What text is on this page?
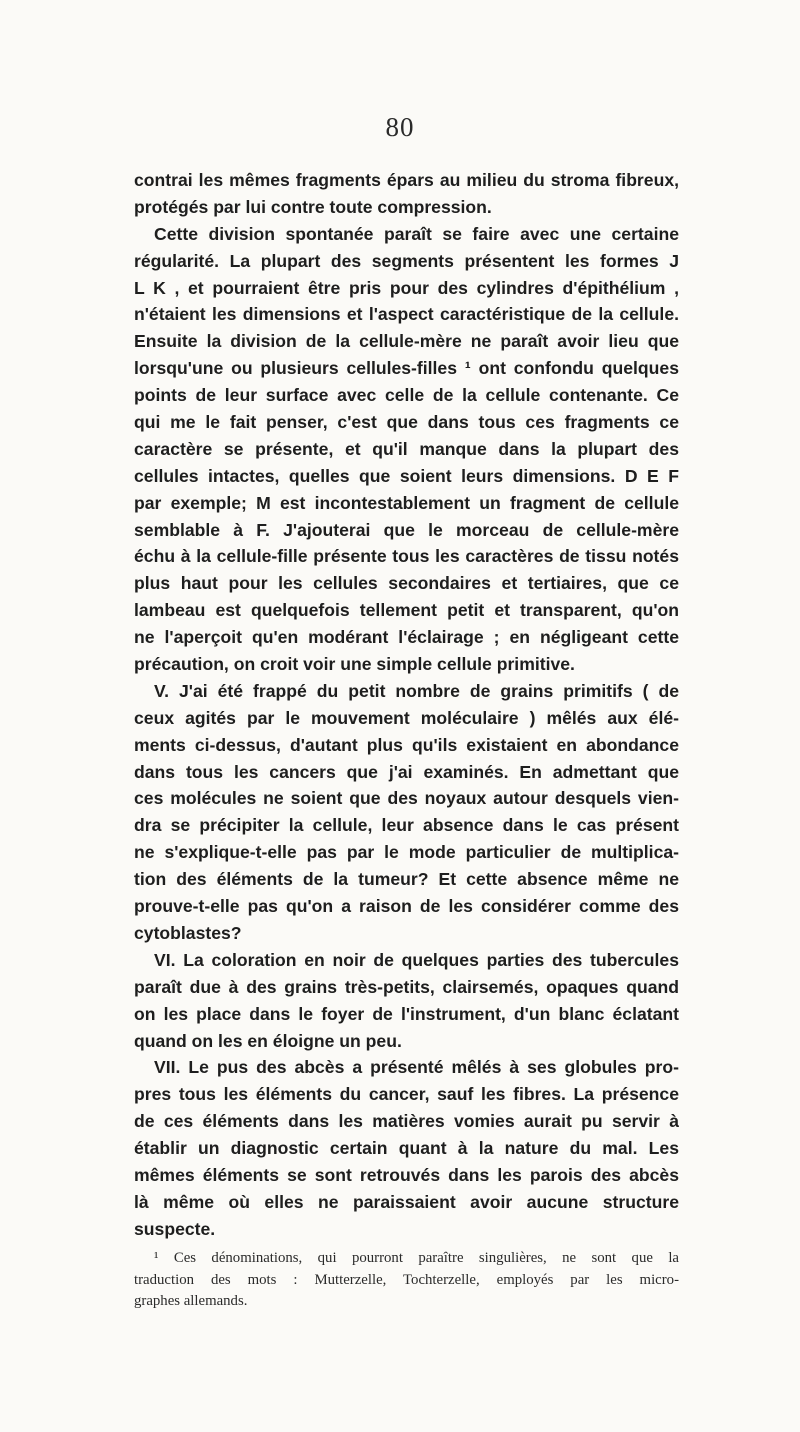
80
contrai les mêmes fragments épars au milieu du stroma fibreux,
protégés par lui contre toute compression.
Cette division spontanée paraît se faire avec une certaine
régularité. La plupart des segments présentent les formes J
L K , et pourraient être pris pour des cylindres d'épithélium ,
n'étaient les dimensions et l'aspect caractéristique de la cellule.
Ensuite la division de la cellule-mère ne paraît avoir lieu que
lorsqu'une ou plusieurs cellules-filles ¹ ont confondu quelques
points de leur surface avec celle de la cellule contenante. Ce
qui me le fait penser, c'est que dans tous ces fragments ce
caractère se présente, et qu'il manque dans la plupart des
cellules intactes, quelles que soient leurs dimensions. D E F
par exemple; M est incontestablement un fragment de cellule
semblable à F. J'ajouterai que le morceau de cellule-mère
échu à la cellule-fille présente tous les caractères de tissu notés
plus haut pour les cellules secondaires et tertiaires, que ce
lambeau est quelquefois tellement petit et transparent, qu'on
ne l'aperçoit qu'en modérant l'éclairage ; en négligeant cette
précaution, on croit voir une simple cellule primitive.
V. J'ai été frappé du petit nombre de grains primitifs ( de
ceux agités par le mouvement moléculaire ) mêlés aux élé-
ments ci-dessus, d'autant plus qu'ils existaient en abondance
dans tous les cancers que j'ai examinés. En admettant que
ces molécules ne soient que des noyaux autour desquels vien-
dra se précipiter la cellule, leur absence dans le cas présent
ne s'explique-t-elle pas par le mode particulier de multiplica-
tion des éléments de la tumeur? Et cette absence même ne
prouve-t-elle pas qu'on a raison de les considérer comme des
cytoblastes?
VI. La coloration en noir de quelques parties des tubercules
paraît due à des grains très-petits, clairsemés, opaques quand
on les place dans le foyer de l'instrument, d'un blanc éclatant
quand on les en éloigne un peu.
VII. Le pus des abcès a présenté mêlés à ses globules pro-
pres tous les éléments du cancer, sauf les fibres. La présence
de ces éléments dans les matières vomies aurait pu servir à
établir un diagnostic certain quant à la nature du mal. Les
mêmes éléments se sont retrouvés dans les parois des abcès
là même où elles ne paraissaient avoir aucune structure
suspecte.
¹ Ces dénominations, qui pourront paraître singulières, ne sont que la
traduction des mots : Mutterzelle, Tochterzelle, employés par les micro-
graphes allemands.
